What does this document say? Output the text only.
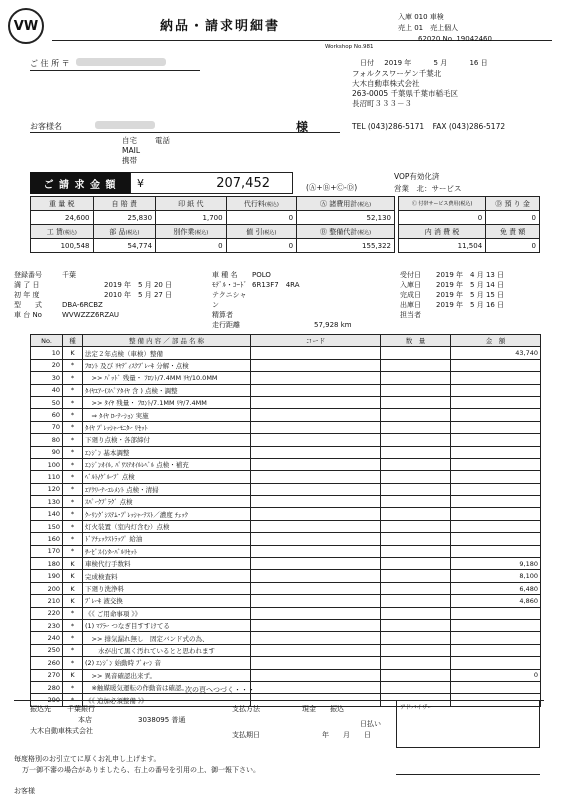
VW	納品・請求明細書
Workshop No.981
入庫 010 車検
売上 01　売上個人
62020 No. 19042460
日付 2019 年	5 月	16 日
ご 住 所 〒
お客様名	様
自宅 電話
MAIL
携帯
フォルクスワーゲン千葉北
大木自動車株式会社
263-0005 千葉県千葉市稲毛区
長沼町３３３－３
TEL (043)286-5171 FAX (043)286-5172
ご 請 求 金 額	¥	207,452	(Ⓐ+Ⓑ+Ⓒ-Ⓓ)
VOP有効化済
営業　北：サービス
重 量 税	自 賠 責	印 紙 代	代行料(税込)	Ⓐ 諸費用計(税込)
24,600	25,830	1,700	0	52,130
工 賃(税込)	部 品(税込)	別作業(税込)	値 引(税込)	Ⓑ 整備代計(税込)
100,548	54,774	0	0	155,322
Ⓒ 付帯サービス費用(税込)	Ⓓ 預 り 金
0	0
内 消 費 税	免 責 額
11,504	0
登録番号	千葉
満 了 日	2019 年　5 月 20 日
初 年 度	2010 年　5 月 27 日
型　　式	DBA-6RCBZ
車 台 No	WVWZZZ6RZAU
車 種 名 POLO
ﾓﾃﾞﾙ・ｺｰﾄﾞ 6R13F7　4RA
テクニシャン
精算者
走行距離	57,928 km
受付日 2019 年　4 月 13 日
入庫日 2019 年　5 月 14 日
完成日 2019 年　5 月 15 日
出庫日 2019 年　5 月 16 日
担当者
No.	種	整 備 内 容 ／ 部 品 名 称	コード	数　量	金　額
10	K	法定２年点検（車検）整備			43,740
20	*	ﾌﾛﾝﾄ 及び ﾘﾔﾃﾞｨｽｸﾌﾞﾚｰｷ 分解・点検			
30	*	　>> ﾊﾟｯﾄﾞ 残量・ ﾌﾛﾝﾄ/7.4MM ﾘﾔ/10.0MM			
40	*	ﾀｲﾔｴｱｰ(ｽﾍﾟｱﾀｲﾔ 含 ) 点検・調整			
50	*	　>> ﾀｲﾔ 残量・ ﾌﾛﾝﾄ/7.1MM ﾘﾔ/7.4MM			
60	*	　⇒ ﾀｲﾔ ﾛｰﾃｰｼｮﾝ 実施			
70	*	ﾀｲﾔ ﾌﾟﾚｯｼｬｰﾓﾆﾀｰ ﾘｾｯﾄ			
80	*	下廻り点検・各部締付			
90	*	ｴﾝｼﾞﾝ 基本調整			
100	*	ｴﾝｼﾞﾝｵｲﾙ, ﾊﾟﾜｽﾃｵｲﾙﾚﾍﾞﾙ 点検・補充			
110	*	ﾍﾞﾙﾄ/ｸﾞﾙｰﾌﾞ 点検			
120	*	ｴｱｸﾘｰﾅｰｴﾚﾒﾝﾄ 点検・清掃			
130	*	ｽﾊﾟｰｸﾌﾟﾗｸﾞ 点検			
140	*	ｸｰﾘﾝｸﾞｼｽﾃﾑ･ﾌﾟﾚｯｼｬｰﾃｽﾄ／濃度 ﾁｪｯｸ			
150	*	灯火装置（室内灯含む）点検			
160	*	ﾄﾞｱﾁｪｯｸｽﾄﾗｯﾌﾟ 給油			
170	*	ｻｰﾋﾞｽｲﾝﾀｰﾊﾞﾙﾘｾｯﾄ			
180	K	車検代行手数料			9,180
190	K	完成検査料			8,100
200	K	下廻り洗浄料			6,480
210	K	ﾌﾞﾚｰｷ 液交換			4,860
220	*	《《 ご用命事項 》》			
230	*	(1) ﾏﾌﾗｰ つなぎ目すすけてる			
240	*	　>> 排気漏れ無し　固定バンド式の為、			
250	*	　　水が出て黒く汚れているとと思われます			
260	*	(2) ｴﾝｼﾞﾝ 始動時 ﾌﾞｫｰﾝ 音			
270	K	　>> 異音確認出来ず。			0
280	*	　※触媒暖気運転の作動音は確認。			
290	*	《《 追加必須整備 》》			
次の頁へつづく・・・
振込先 千葉銀行
本店	3038095 普通
大木自動車株式会社
支払方法	現金 振込
日払い
支払期日	年　　月　　日
アドバイザー
毎度格別のお引立てに厚くお礼申し上げます。
万一御不審の場合がありましたら、右上の番号を引用の上、御一報下さい。
お客様
